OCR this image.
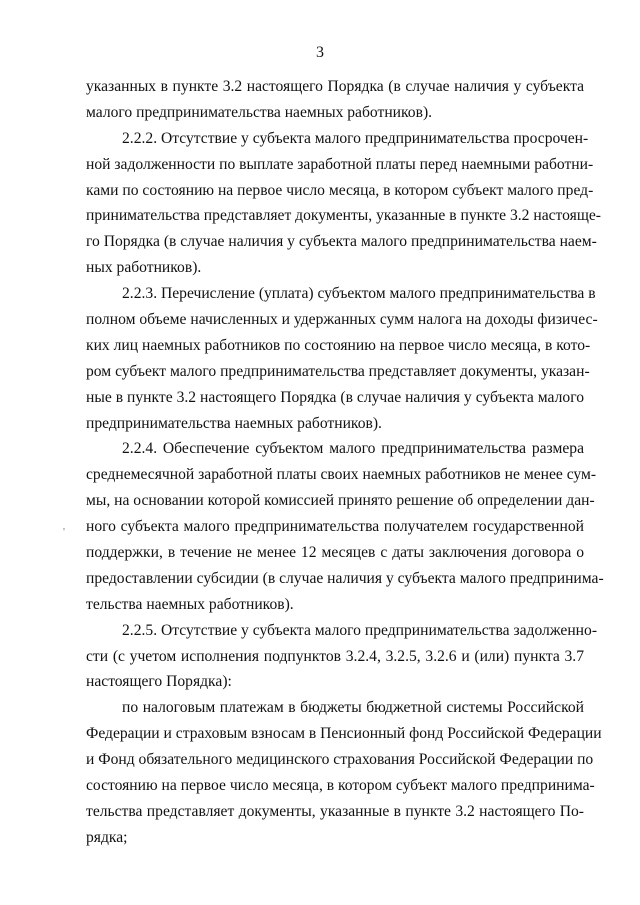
3
'
указанных в пункте 3.2 настоящего Порядка (в случае наличия у субъекта
малого предпринимательства наемных работников).
2.2.2. Отсутствие у субъекта малого предпринимательства просрочен-
ной задолженности по выплате заработной платы перед наемными работни-
ками по состоянию на первое число месяца, в котором субъект малого пред-
принимательства представляет документы, указанные в пункте 3.2 настояще-
го Порядка (в случае наличия у субъекта малого предпринимательства наем-
ных работников).
2.2.3. Перечисление (уплата) субъектом малого предпринимательства в
полном объеме начисленных и удержанных сумм налога на доходы физичес-
ких лиц наемных работников по состоянию на первое число месяца, в кото-
ром субъект малого предпринимательства представляет документы, указан-
ные в пункте 3.2 настоящего Порядка (в случае наличия у субъекта малого
предпринимательства наемных работников).
2.2.4. Обеспечение субъектом малого предпринимательства размера
среднемесячной заработной платы своих наемных работников не менее сум-
мы, на основании которой комиссией принято решение об определении дан-
ного субъекта малого предпринимательства получателем государственной
поддержки, в течение не менее 12 месяцев с даты заключения договора о
предоставлении субсидии (в случае наличия у субъекта малого предпринима-
тельства наемных работников).
2.2.5. Отсутствие у субъекта малого предпринимательства задолженно-
сти (с учетом исполнения подпунктов 3.2.4, 3.2.5, 3.2.6 и (или) пункта 3.7
настоящего Порядка):
по налоговым платежам в бюджеты бюджетной системы Российской
Федерации и страховым взносам в Пенсионный фонд Российской Федерации
и Фонд обязательного медицинского страхования Российской Федерации по
состоянию на первое число месяца, в котором субъект малого предпринима-
тельства представляет документы, указанные в пункте 3.2 настоящего По-
рядка;
